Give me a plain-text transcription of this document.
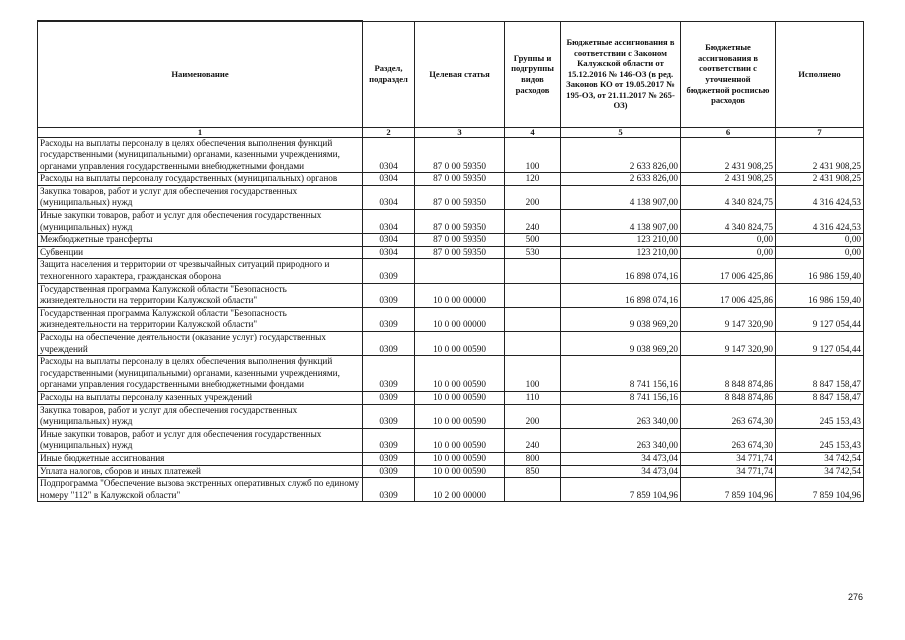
Наименование	Раздел, подраздел	Целевая статья	Группы и подгруппы видов расходов	Бюджетные ассигнования в соответствии с Законом Калужской области от 15.12.2016 № 146-ОЗ (в ред. Законов КО от 19.05.2017 № 195-ОЗ, от 21.11.2017 № 265-ОЗ)	Бюджетные ассигнования в соответствии с уточненной бюджетной росписью расходов	Исполнено
1	2	3	4	5	6	7
Расходы на выплаты персоналу в целях обеспечения выполнения функций государственными (муниципальными) органами, казенными учреждениями, органами управления государственными внебюджетными фондами	0304	87 0 00 59350	100	2 633 826,00	2 431 908,25	2 431 908,25
Расходы на выплаты персоналу государственных (муниципальных) органов	0304	87 0 00 59350	120	2 633 826,00	2 431 908,25	2 431 908,25
Закупка товаров, работ и услуг для обеспечения государственных (муниципальных) нужд	0304	87 0 00 59350	200	4 138 907,00	4 340 824,75	4 316 424,53
Иные закупки товаров, работ и услуг для обеспечения государственных (муниципальных) нужд	0304	87 0 00 59350	240	4 138 907,00	4 340 824,75	4 316 424,53
Межбюджетные трансферты	0304	87 0 00 59350	500	123 210,00	0,00	0,00
Субвенции	0304	87 0 00 59350	530	123 210,00	0,00	0,00
Защита населения и территории от чрезвычайных ситуаций природного и техногенного характера, гражданская оборона	0309			16 898 074,16	17 006 425,86	16 986 159,40
Государственная программа Калужской области "Безопасность жизнедеятельности на территории Калужской области"	0309	10 0 00 00000		16 898 074,16	17 006 425,86	16 986 159,40
Государственная программа Калужской области "Безопасность жизнедеятельности на территории Калужской области"	0309	10 0 00 00000		9 038 969,20	9 147 320,90	9 127 054,44
Расходы на обеспечение деятельности (оказание услуг) государственных учреждений	0309	10 0 00 00590		9 038 969,20	9 147 320,90	9 127 054,44
Расходы на выплаты персоналу в целях обеспечения выполнения функций государственными (муниципальными) органами, казенными учреждениями, органами управления государственными внебюджетными фондами	0309	10 0 00 00590	100	8 741 156,16	8 848 874,86	8 847 158,47
Расходы на выплаты персоналу казенных учреждений	0309	10 0 00 00590	110	8 741 156,16	8 848 874,86	8 847 158,47
Закупка товаров, работ и услуг для обеспечения государственных (муниципальных) нужд	0309	10 0 00 00590	200	263 340,00	263 674,30	245 153,43
Иные закупки товаров, работ и услуг для обеспечения государственных (муниципальных) нужд	0309	10 0 00 00590	240	263 340,00	263 674,30	245 153,43
Иные бюджетные ассигнования	0309	10 0 00 00590	800	34 473,04	34 771,74	34 742,54
Уплата налогов, сборов и иных платежей	0309	10 0 00 00590	850	34 473,04	34 771,74	34 742,54
Подпрограмма "Обеспечение вызова экстренных оперативных служб по единому номеру "112" в Калужской области"	0309	10 2 00 00000		7 859 104,96	7 859 104,96	7 859 104,96
276
